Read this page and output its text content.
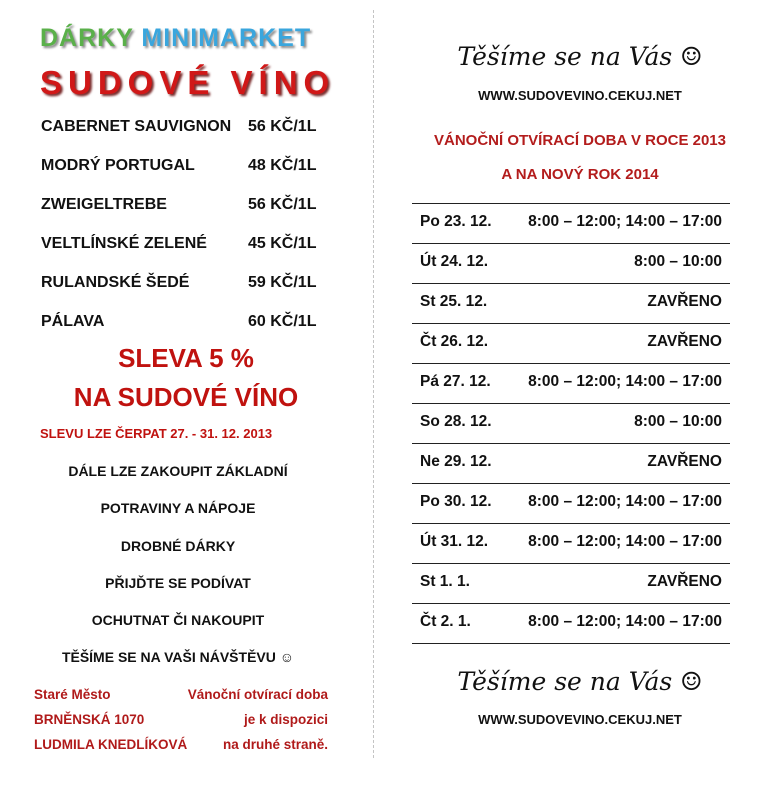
DÁRKY MINIMARKET
SUDOVÉ VÍNO
CABERNET SAUVIGNON 56 KČ/1L
MODRÝ PORTUGAL	48 KČ/1L
ZWEIGELTREBE	56 KČ/1L
VELTLÍNSKÉ ZELENÉ	45 KČ/1L
RULANDSKÉ ŠEDÉ	59 KČ/1L
PÁLAVA	60 KČ/1L
SLEVA 5 %
NA SUDOVÉ VÍNO
SLEVU LZE ČERPAT 27. - 31. 12. 2013
DÁLE LZE ZAKOUPIT ZÁKLADNÍ
POTRAVINY A NÁPOJE
DROBNÉ DÁRKY
PŘIJĎTE SE PODÍVAT
OCHUTNAT ČI NAKOUPIT
TĚŠÍME SE NA VAŠI NÁVŠTĚVU ☺
Staré Město
BRNĚNSKÁ 1070
LUDMILA KNEDLÍKOVÁ
Vánoční otvírací doba
je k dispozici
na druhé straně.
Těšíme se na Vás ☺
WWW.SUDOVEVINO.CEKUJ.NET
VÁNOČNÍ OTVÍRACÍ DOBA V ROCE 2013
A NA NOVÝ ROK 2014
Po 23. 12. 8:00 – 12:00; 14:00 – 17:00
Út 24. 12.	8:00 – 10:00
St 25. 12.	ZAVŘENO
Čt 26. 12.	ZAVŘENO
Pá 27. 12. 8:00 – 12:00; 14:00 – 17:00
So 28. 12.	8:00 – 10:00
Ne 29. 12.	ZAVŘENO
Po 30. 12. 8:00 – 12:00; 14:00 – 17:00
Út 31. 12.	8:00 – 12:00; 14:00 – 17:00
St 1. 1.	ZAVŘENO
Čt 2. 1.	8:00 – 12:00; 14:00 – 17:00
Těšíme se na Vás ☺
WWW.SUDOVEVINO.CEKUJ.NET
